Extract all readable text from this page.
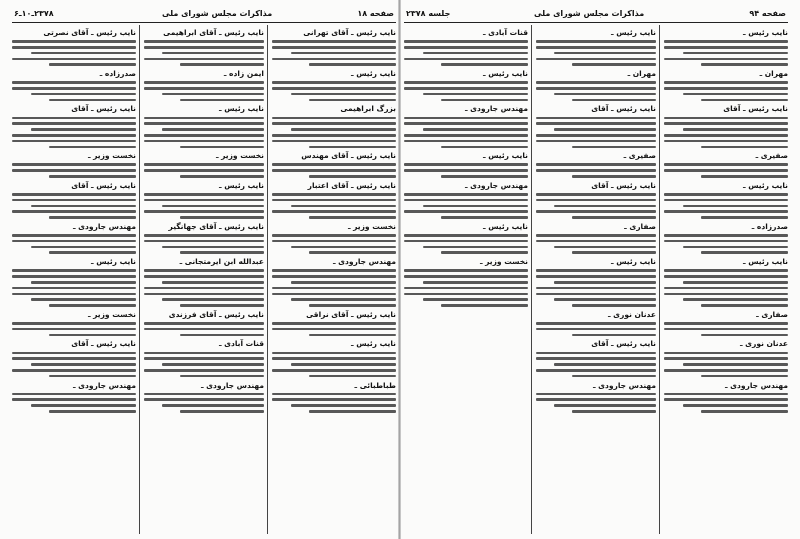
صفحه ۱۸
مذاکرات مجلس شورای ملی
۲۳۷۸ـ۱۰ـ۶
نایب رئیس ـ آقای تهرانی
نایب رئیس ـ
بزرگ ابراهیمی
نایب رئیس ـ آقای مهندس
نایب رئیس ـ آقای اعتبار
نخست وزیر ـ
مهندس جارودی ـ
نایب رئیس ـ آقای نراقی
نایب رئیس ـ
طباطبائی ـ
نایب رئیس ـ آقای ابراهیمی
ایمن زاده ـ
نایب رئیس ـ
نخست وزیر ـ
نایب رئیس ـ
نایب رئیس ـ آقای جهانگیر
عبدالله ابن ایرمتجانی ـ
نایب رئیس ـ آقای فرزندی
قنات آبادی ـ
مهندس جارودی ـ
نایب رئیس ـ آقای نصرتی
صدرزاده ـ
نایب رئیس ـ آقای
نخست وزیر ـ
نایب رئیس ـ آقای
مهندس جارودی ـ
نایب رئیس ـ
نخست وزیر ـ
نایب رئیس ـ آقای
مهندس جارودی ـ
صفحه ۹۴
مذاکرات مجلس شورای ملی
جلسه ۲۳۷۸
نایب رئیس ـ
مهران ـ
نایب رئیس ـ آقای
صفیری ـ
نایب رئیس ـ
صدرزاده ـ
نایب رئیس ـ
صفاری ـ
عدنان نوری ـ
مهندس جارودی ـ
نایب رئیس ـ
مهران ـ
نایب رئیس ـ آقای
صفیری ـ
نایب رئیس ـ آقای
صفاری ـ
نایب رئیس ـ
عدنان نوری ـ
نایب رئیس ـ آقای
مهندس جارودی ـ
قنات آبادی ـ
نایب رئیس ـ
مهندس جارودی ـ
نایب رئیس ـ
مهندس جارودی ـ
نایب رئیس ـ
نخست وزیر ـ
